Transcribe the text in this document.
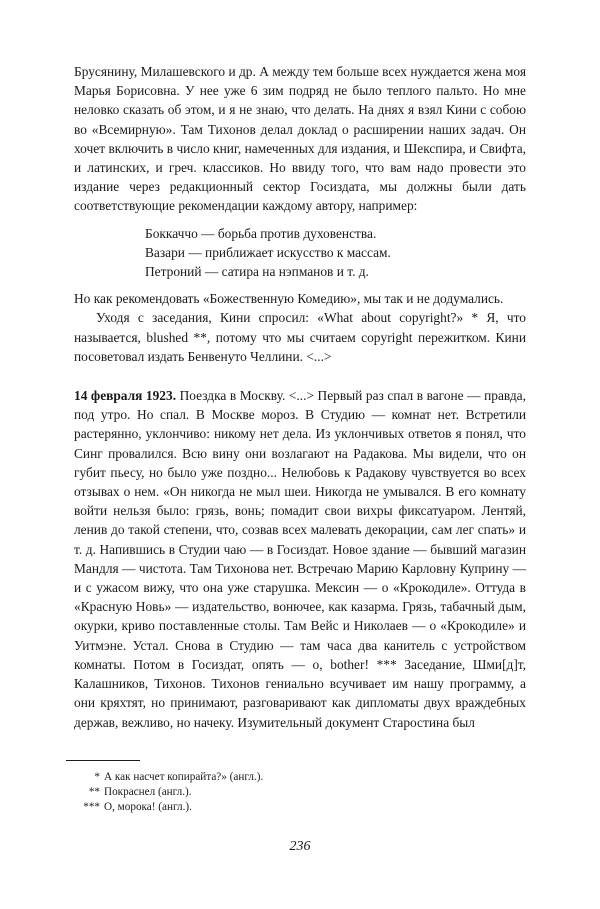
Брусянину, Милашевского и др. А между тем больше всех нуждается жена моя Марья Борисовна. У нее уже 6 зим подряд не было теплого пальто. Но мне неловко сказать об этом, и я не знаю, что делать. На днях я взял Кини с собою во «Всемирную». Там Тихонов делал доклад о расширении наших задач. Он хочет включить в число книг, намеченных для издания, и Шекспира, и Свифта, и латинских, и греч. классиков. Но ввиду того, что вам надо провести это издание через редакционный сектор Госиздата, мы должны были дать соответствующие рекомендации каждому автору, например:

Боккаччо — борьба против духовенства.
Вазари — приближает искусство к массам.
Петроний — сатира на нэпманов и т. д.

Но как рекомендовать «Божественную Комедию», мы так и не додумались.

Уходя с заседания, Кини спросил: «What about copyright?» * Я, что называется, blushed **, потому что мы считаем copyright пережитком. Кини посоветовал издать Бенвенуто Челлини. <...>

14 февраля 1923. Поездка в Москву. <...> Первый раз спал в вагоне — правда, под утро. Но спал. В Москве мороз. В Студию — комнат нет. Встретили растерянно, уклончиво: никому нет дела. Из уклончивых ответов я понял, что Синг провалился. Всю вину они возлагают на Радакова. Мы видели, что он губит пьесу, но было уже поздно... Нелюбовь к Радакову чувствуется во всех отзывах о нем. «Он никогда не мыл шеи. Никогда не умывался. В его комнату войти нельзя было: грязь, вонь; помадит свои вихры фиксатуаром. Лентяй, ленив до такой степени, что, созвав всех малевать декорации, сам лег спать» и т. д. Напившись в Студии чаю — в Госиздат. Новое здание — бывший магазин Мандля — чистота. Там Тихонова нет. Встречаю Марию Карловну Куприну — и с ужасом вижу, что она уже старушка. Мексин — о «Крокодиле». Оттуда в «Красную Новь» — издательство, вонючее, как казарма. Грязь, табачный дым, окурки, криво поставленные столы. Там Вейс и Николаев — о «Крокодиле» и Уитмэне. Устал. Снова в Студию — там часа два канитель с устройством комнаты. Потом в Госиздат, опять — о, bother! *** Заседание, Шми[д]т, Калашников, Тихонов. Тихонов гениально всучивает им нашу программу, а они кряхтят, но принимают, разговаривают как дипломаты двух враждебных держав, вежливо, но начеку. Изумительный документ Старостина был

* А как насчет копирайта?» (англ.).

** Покраснел (англ.).

*** О, морока! (англ.).

236
